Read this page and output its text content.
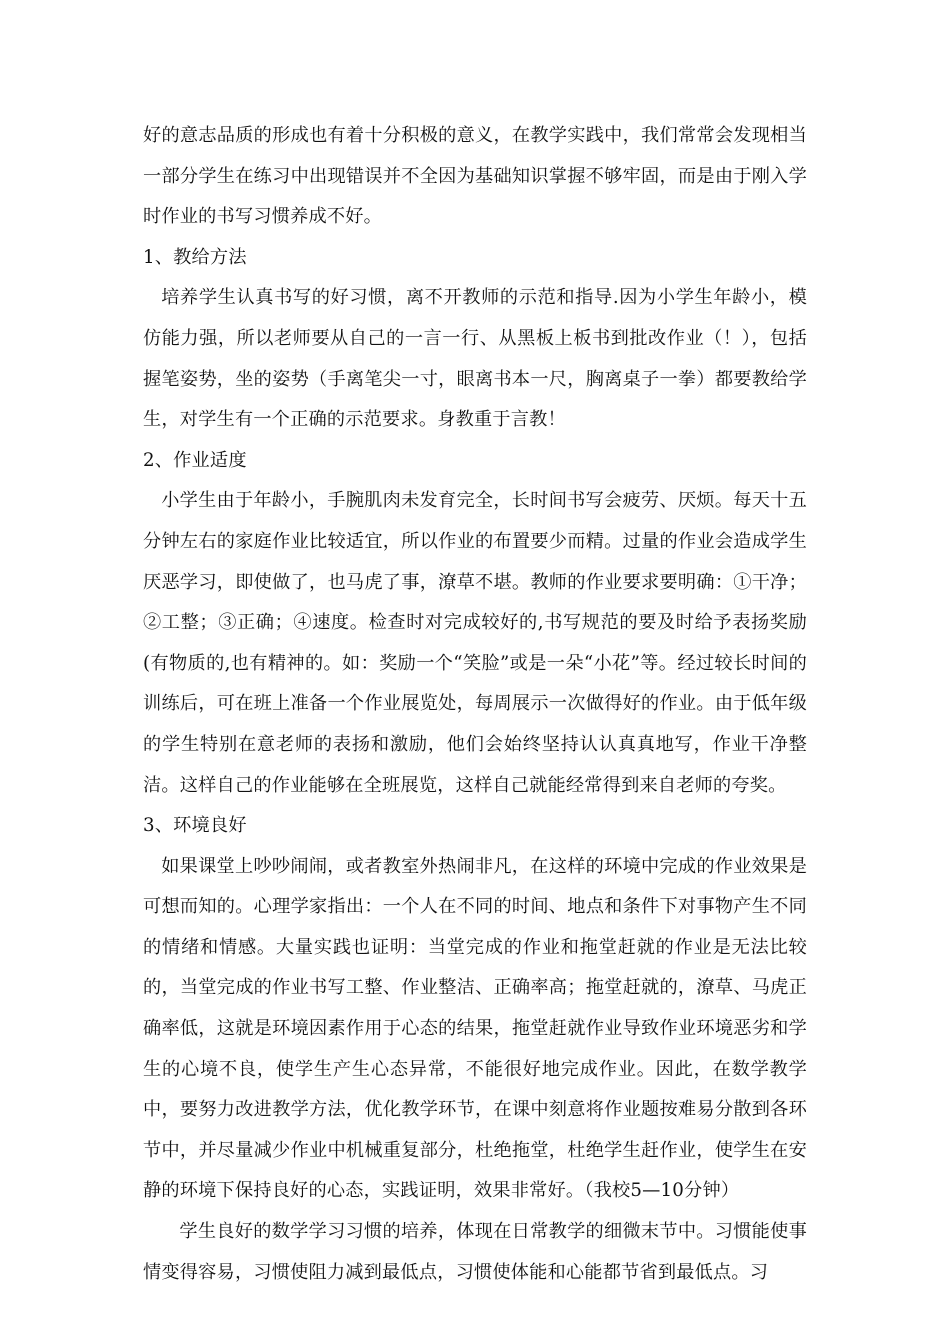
好的意志品质的形成也有着十分积极的意义，在教学实践中，我们常常会发现相当一部分学生在练习中出现错误并不全因为基础知识掌握不够牢固，而是由于刚入学时作业的书写习惯养成不好。

1、教给方法

培养学生认真书写的好习惯，离不开教师的示范和指导.因为小学生年龄小，模仿能力强，所以老师要从自己的一言一行、从黑板上板书到批改作业（！），包括握笔姿势，坐的姿势（手离笔尖一寸，眼离书本一尺，胸离桌子一拳）都要教给学生，对学生有一个正确的示范要求。身教重于言教！

2、作业适度

小学生由于年龄小，手腕肌肉未发育完全，长时间书写会疲劳、厌烦。每天十五分钟左右的家庭作业比较适宜，所以作业的布置要少而精。过量的作业会造成学生厌恶学习，即使做了，也马虎了事，潦草不堪。教师的作业要求要明确：①干净；②工整；③正确；④速度。检查时对完成较好的,书写规范的要及时给予表扬奖励(有物质的,也有精神的。如：奖励一个“笑脸”或是一朵“小花”等。经过较长时间的训练后，可在班上准备一个作业展览处，每周展示一次做得好的作业。由于低年级的学生特别在意老师的表扬和激励，他们会始终坚持认认真真地写，作业干净整洁。这样自己的作业能够在全班展览，这样自己就能经常得到来自老师的夸奖。

3、环境良好

如果课堂上吵吵闹闹，或者教室外热闹非凡，在这样的环境中完成的作业效果是可想而知的。心理学家指出：一个人在不同的时间、地点和条件下对事物产生不同的情绪和情感。大量实践也证明：当堂完成的作业和拖堂赶就的作业是无法比较的，当堂完成的作业书写工整、作业整洁、正确率高；拖堂赶就的，潦草、马虎正确率低，这就是环境因素作用于心态的结果，拖堂赶就作业导致作业环境恶劣和学生的心境不良，使学生产生心态异常，不能很好地完成作业。因此，在数学教学中，要努力改进教学方法，优化教学环节，在课中刻意将作业题按难易分散到各环节中，并尽量减少作业中机械重复部分，杜绝拖堂，杜绝学生赶作业，使学生在安静的环境下保持良好的心态，实践证明，效果非常好。（我校5—10分钟）

学生良好的数学学习习惯的培养，体现在日常教学的细微末节中。习惯能使事情变得容易，习惯使阻力减到最低点，习惯使体能和心能都节省到最低点。习
